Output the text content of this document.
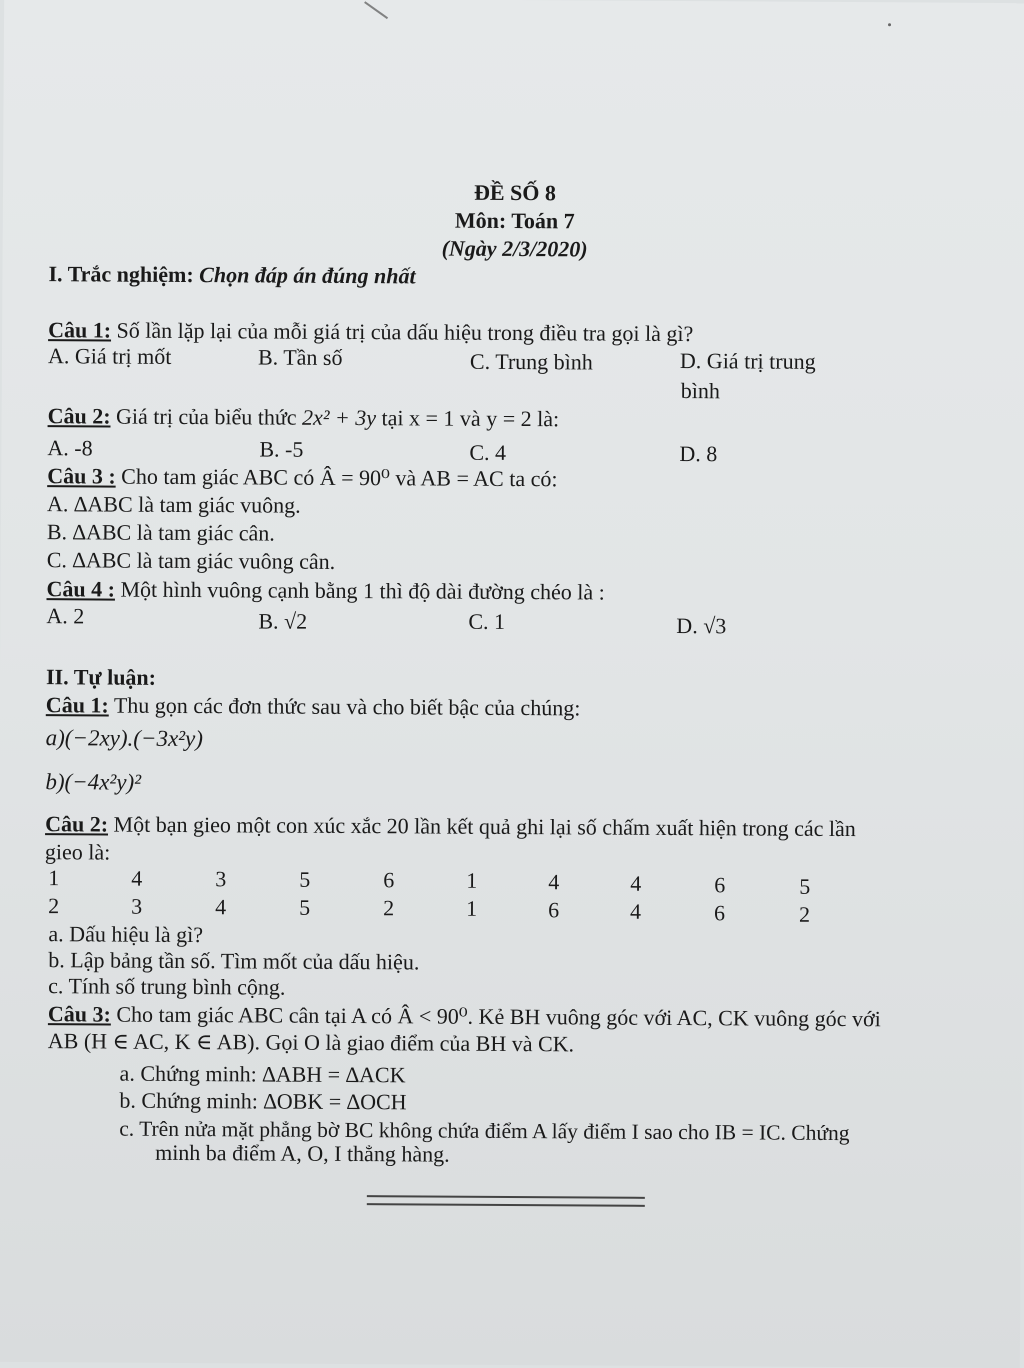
ĐỀ SỐ 8
Môn: Toán 7
(Ngày 2/3/2020)
I. Trắc nghiệm: Chọn đáp án đúng nhất
Câu 1: Số lần lặp lại của mỗi giá trị của dấu hiệu trong điều tra gọi là gì?
A. Giá trị mốt	B. Tần số	C. Trung bình	D. Giá trị trung
bình
Câu 2: Giá trị của biểu thức 2x² + 3y tại x = 1 và y = 2 là:
A. -8	B. -5	C. 4	D. 8
Câu 3 : Cho tam giác ABC có Â = 90⁰ và AB = AC ta có:
A. ∆ABC là tam giác vuông.
B. ∆ABC là tam giác cân.
C. ∆ABC là tam giác vuông cân.
Câu 4 : Một hình vuông cạnh bằng 1 thì độ dài đường chéo là :
A. 2	B. √2	C. 1	D. √3
II. Tự luận:
Câu 1: Thu gọn các đơn thức sau và cho biết bậc của chúng:
a)(−2xy).(−3x²y)
b)(−4x²y)²
Câu 2: Một bạn gieo một con xúc xắc 20 lần kết quả ghi lại số chấm xuất hiện trong các lần
gieo là:
1	4	3	5	6	1	4	4	6	5
2	3	4	5	2	1	6	4	6	2
a. Dấu hiệu là gì?
b. Lập bảng tần số. Tìm mốt của dấu hiệu.
c. Tính số trung bình cộng.
Câu 3: Cho tam giác ABC cân tại A có Â < 90⁰. Kẻ BH vuông góc với AC, CK vuông góc với
AB (H ∈ AC, K ∈ AB). Gọi O là giao điểm của BH và CK.
a. Chứng minh: ∆ABH = ∆ACK
b. Chứng minh: ∆OBK = ∆OCH
c. Trên nửa mặt phẳng bờ BC không chứa điểm A lấy điểm I sao cho IB = IC. Chứng
minh ba điểm A, O, I thẳng hàng.
